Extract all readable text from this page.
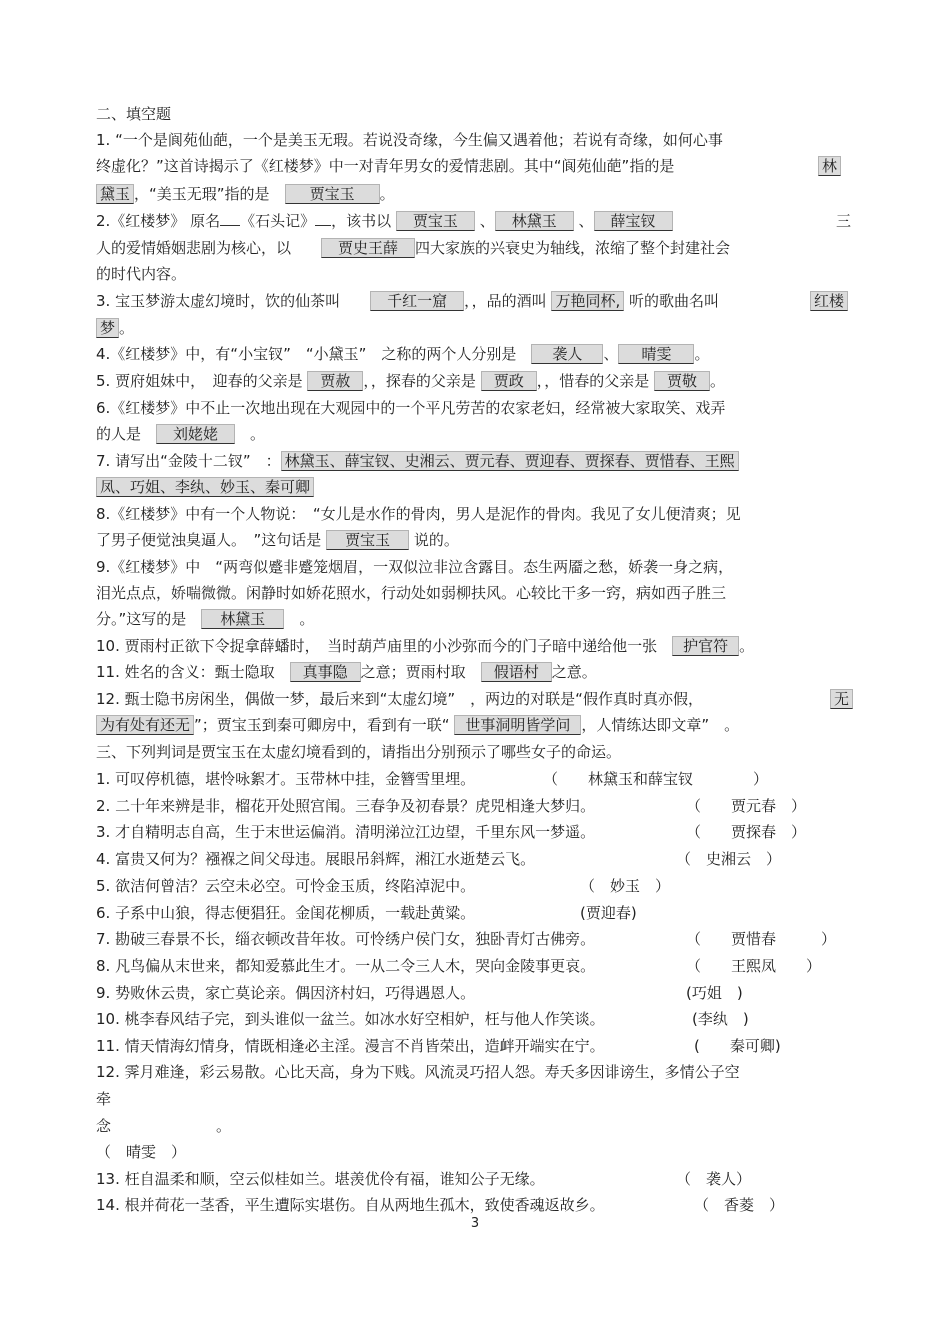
二、填空题
1. “一个是阆苑仙葩，一个是美玉无瑕。若说没奇缘，今生偏又遇着他；若说有奇缘，如何心事
终虚化？”这首诗揭示了《红楼梦》中一对青年男女的爱情悲剧。其中“阆苑仙葩”指的是	林
黛玉 ，“美玉无瑕”指的是　	贾宝玉 。
2.《红楼梦》 原名 《石头记》 ，该书以 贾宝玉 、 林黛玉 、 薛宝钗	三
人的爱情婚姻悲剧为核心，以　　	贾史王薛 四大家族的兴衰史为轴线，浓缩了整个封建社会
的时代内容。
3. 宝玉梦游太虚幻境时，饮的仙茶叫　　	千红一窟 ，，品的酒叫 万艳同杯, 听的歌曲名叫	红楼
梦 。
4.《红楼梦》中，有“小宝钗”　“小黛玉”　之称的两个人分别是　 袭人 、 晴雯 。
5. 贾府姐妹中，　迎春的父亲是 贾赦 ，，探春的父亲是 贾政 ，，惜春的父亲是 贾敬 。
6.《红楼梦》中不止一次地出现在大观园中的一个平凡劳苦的农家老妇，经常被大家取笑、戏弄
的人是　 刘姥姥　。
7. 请写出“金陵十二钗”　： 林黛玉、薛宝钗、史湘云、贾元春、贾迎春、贾探春、贾惜春、王熙
凤、巧姐、李纨、妙玉、秦可卿
8.《红楼梦》中有一个人物说：　“女儿是水作的骨肉，男人是泥作的骨肉。我见了女儿便清爽；见
了男子便觉浊臭逼人。　”这句话是 贾宝玉 说的。
9.《红楼梦》中　“两弯似蹙非蹙笼烟眉，一双似泣非泣含露目。态生两靥之愁，娇袭一身之病，
泪光点点，娇喘微微。闲静时如娇花照水，行动处如弱柳扶风。心较比干多一窍，病如西子胜三
分。”这写的是　 林黛玉　。
10. 贾雨村正欲下令捉拿薛蟠时，　当时葫芦庙里的小沙弥而今的门子暗中递给他一张　 护官符 。
11. 姓名的含义：甄士隐取　 真事隐 之意；贾雨村取　 假语村 之意。
12. 甄士隐书房闲坐，偶做一梦，最后来到“太虚幻境”　，两边的对联是“假作真时真亦假，	无
为有处有还无 ”；贾宝玉到秦可卿房中，看到有一联“ 世事洞明皆学问 ，人情练达即文章”　。
三、下列判词是贾宝玉在太虚幻境看到的，请指出分别预示了哪些女子的命运。
1. 可叹停机德，堪怜咏絮才。玉带林中挂，金簪雪里埋。	（　　林黛玉和薛宝钗　　　　）
2. 二十年来辨是非，榴花开处照宫闱。三春争及初春景？虎兕相逢大梦归。	（　　贾元春　）
3. 才自精明志自高，生于末世运偏消。清明涕泣江边望，千里东风一梦遥。	（　　贾探春　）
4. 富贵又何为？襁褓之间父母违。展眼吊斜辉，湘江水逝楚云飞。	（　史湘云　）
5. 欲洁何曾洁？云空未必空。可怜金玉质，终陷淖泥中。	（　妙玉　）
6. 子系中山狼，得志便猖狂。金闺花柳质，一载赴黄粱。	(贾迎春)
7. 勘破三春景不长，缁衣顿改昔年妆。可怜绣户侯门女，独卧青灯古佛旁。	（　　贾惜春　　　）
8. 凡鸟偏从末世来，都知爱慕此生才。一从二令三人木，哭向金陵事更哀。	（　　王熙凤　　）
9. 势败休云贵，家亡莫论亲。偶因济村妇，巧得遇恩人。	(巧姐　)
10. 桃李春风结子完，到头谁似一盆兰。如冰水好空相妒，枉与他人作笑谈。	(李纨　)
11. 情天情海幻情身，情既相逢必主淫。漫言不肖皆荣出，造衅开端实在宁。	(　　秦可卿)
12. 霁月难逢，彩云易散。心比天高，身为下贱。风流灵巧招人怨。寿夭多因诽谤生，多情公子空
牵
念　　　　　　　。
（　晴雯　）
13. 枉自温柔和顺，空云似桂如兰。堪羡优伶有福，谁知公子无缘。	（　袭人）
14. 根并荷花一茎香，平生遭际实堪伤。自从两地生孤木，致使香魂返故乡。	（　香菱　）
3
